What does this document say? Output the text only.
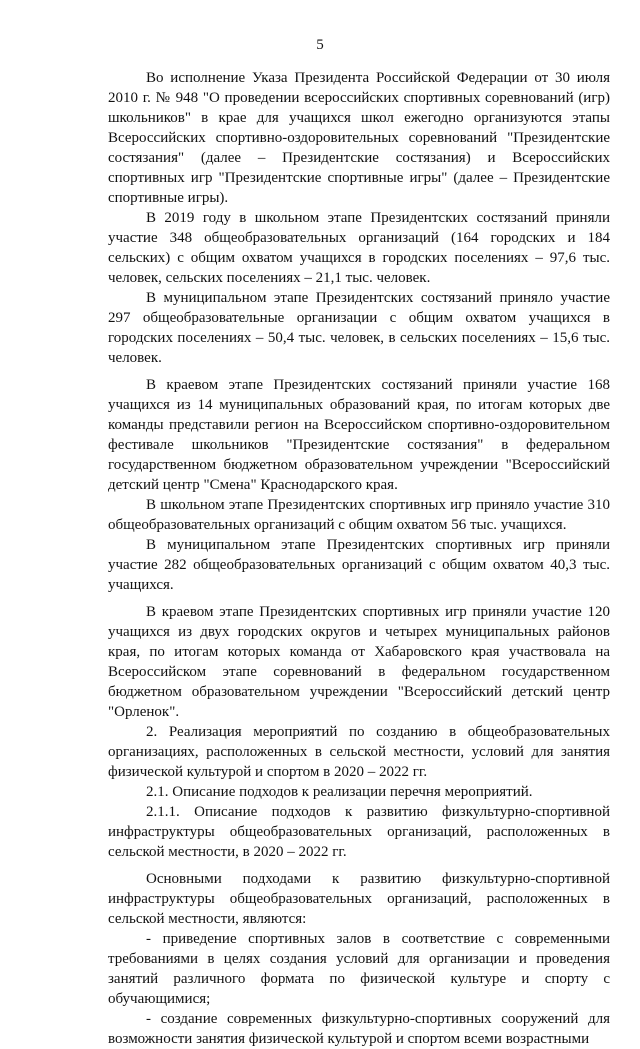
5

Во исполнение Указа Президента Российской Федерации от 30 июля 2010 г. № 948 "О проведении всероссийских спортивных соревнований (игр) школьников" в крае для учащихся школ ежегодно организуются этапы Всероссийских спортивно-оздоровительных соревнований "Президентские состязания" (далее – Президентские состязания) и Всероссийских спортивных игр "Президентские спортивные игры" (далее – Президентские спортивные игры).

В 2019 году в школьном этапе Президентских состязаний приняли участие 348 общеобразовательных организаций (164 городских и 184 сельских) с общим охватом учащихся в городских поселениях – 97,6 тыс. человек, сельских поселениях – 21,1 тыс. человек.

В муниципальном этапе Президентских состязаний приняло участие 297 общеобразовательные организации с общим охватом учащихся в городских поселениях – 50,4 тыс. человек, в сельских поселениях – 15,6 тыс. человек.

В краевом этапе Президентских состязаний приняли участие 168 учащихся из 14 муниципальных образований края, по итогам которых две команды представили регион на Всероссийском спортивно-оздоровительном фестивале школьников "Президентские состязания" в федеральном государственном бюджетном образовательном учреждении "Всероссийский детский центр "Смена" Краснодарского края.

В школьном этапе Президентских спортивных игр приняло участие 310 общеобразовательных организаций с общим охватом 56 тыс. учащихся.

В муниципальном этапе Президентских спортивных игр приняли участие 282 общеобразовательных организаций с общим охватом 40,3 тыс. учащихся.

В краевом этапе Президентских спортивных игр приняли участие 120 учащихся из двух городских округов и четырех муниципальных районов края, по итогам которых команда от Хабаровского края участвовала на Всероссийском этапе соревнований в федеральном государственном бюджетном образовательном учреждении "Всероссийский детский центр "Орленок".

2. Реализация мероприятий по созданию в общеобразовательных организациях, расположенных в сельской местности, условий для занятия физической культурой и спортом в 2020 – 2022 гг.

2.1. Описание подходов к реализации перечня мероприятий.

2.1.1. Описание подходов к развитию физкультурно-спортивной инфраструктуры общеобразовательных организаций, расположенных в сельской местности, в 2020 – 2022 гг.

Основными подходами к развитию физкультурно-спортивной инфраструктуры общеобразовательных организаций, расположенных в сельской местности, являются:

- приведение спортивных залов в соответствие с современными требованиями в целях создания условий для организации и проведения занятий различного формата по физической культуре и спорту с обучающимися;

- создание современных физкультурно-спортивных сооружений для возможности занятия физической культурой и спортом всеми возрастными
